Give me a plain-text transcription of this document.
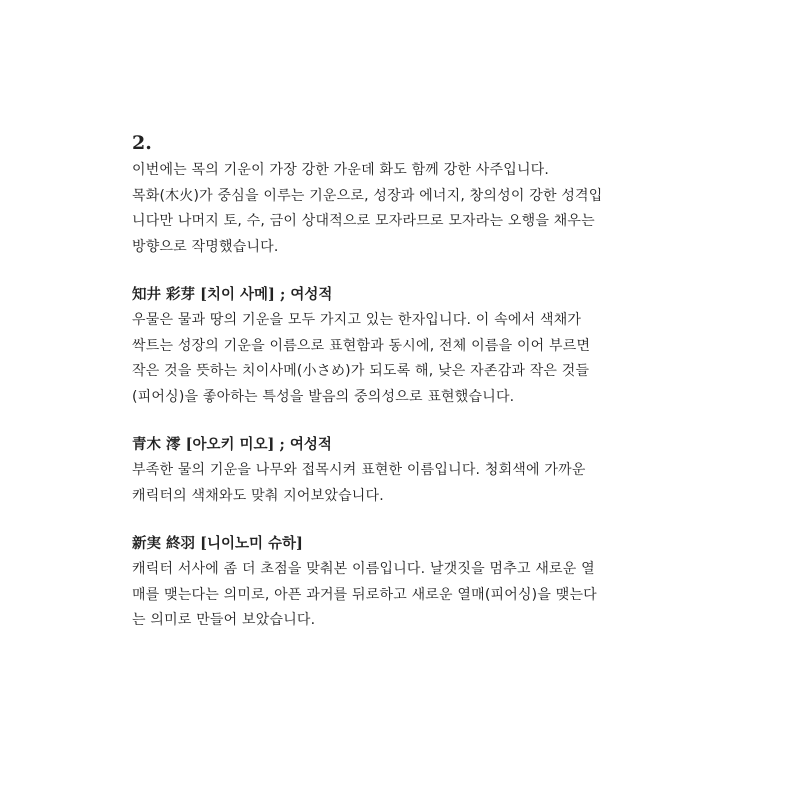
2.
이번에는 목의 기운이 가장 강한 가운데 화도 함께 강한 사주입니다.
목화(木火)가 중심을 이루는 기운으로, 성장과 에너지, 창의성이 강한 성격입
니다만 나머지 토, 수, 금이 상대적으로 모자라므로 모자라는 오행을 채우는
방향으로 작명했습니다.
知井 彩芽 [치이 사메] ; 여성적
우물은 물과 땅의 기운을 모두 가지고 있는 한자입니다. 이 속에서 색채가
싹트는 성장의 기운을 이름으로 표현함과 동시에, 전체 이름을 이어 부르면
작은 것을 뜻하는 치이사메(小さめ)가 되도록 해, 낮은 자존감과 작은 것들
(피어싱)을 좋아하는 특성을 발음의 중의성으로 표현했습니다.
青木 澪 [아오키 미오] ; 여성적
부족한 물의 기운을 나무와 접목시켜 표현한 이름입니다. 청회색에 가까운
캐릭터의 색채와도 맞춰 지어보았습니다.
新実 終羽 [니이노미 슈하]
캐릭터 서사에 좀 더 초점을 맞춰본 이름입니다. 날갯짓을 멈추고 새로운 열
매를 맺는다는 의미로, 아픈 과거를 뒤로하고 새로운 열매(피어싱)을 맺는다
는 의미로 만들어 보았습니다.
